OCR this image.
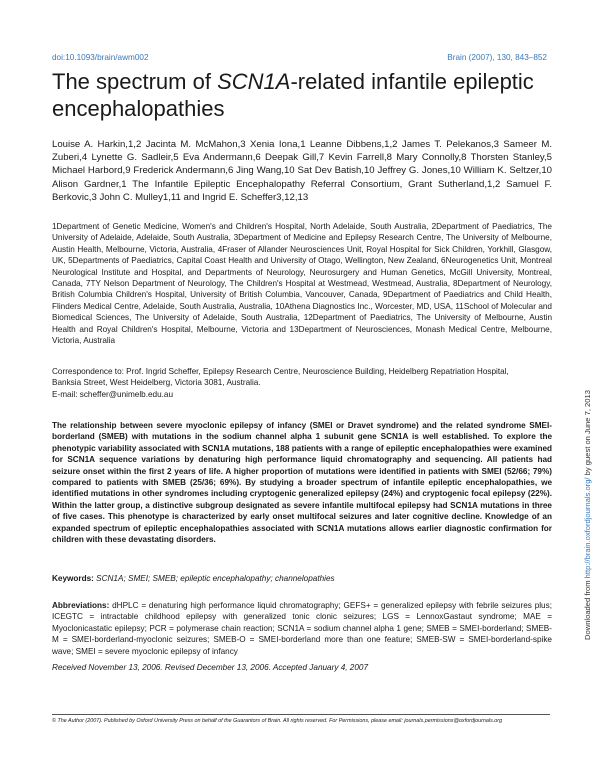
doi:10.1093/brain/awm002	Brain (2007), 130, 843–852
The spectrum of SCN1A-related infantile epileptic encephalopathies
Louise A. Harkin,1,2 Jacinta M. McMahon,3 Xenia Iona,1 Leanne Dibbens,1,2 James T. Pelekanos,3 Sameer M. Zuberi,4 Lynette G. Sadleir,5 Eva Andermann,6 Deepak Gill,7 Kevin Farrell,8 Mary Connolly,8 Thorsten Stanley,5 Michael Harbord,9 Frederick Andermann,6 Jing Wang,10 Sat Dev Batish,10 Jeffrey G. Jones,10 William K. Seltzer,10 Alison Gardner,1 The Infantile Epileptic Encephalopathy Referral Consortium, Grant Sutherland,1,2 Samuel F. Berkovic,3 John C. Mulley1,11 and Ingrid E. Scheffer3,12,13
1Department of Genetic Medicine, Women's and Children's Hospital, North Adelaide, South Australia, 2Department of Paediatrics, The University of Adelaide, Adelaide, South Australia, 3Department of Medicine and Epilepsy Research Centre, The University of Melbourne, Austin Health, Melbourne, Victoria, Australia, 4Fraser of Allander Neurosciences Unit, Royal Hospital for Sick Children, Yorkhill, Glasgow, UK, 5Departments of Paediatrics, Capital Coast Health and University of Otago, Wellington, New Zealand, 6Neurogenetics Unit, Montreal Neurological Institute and Hospital, and Departments of Neurology, Neurosurgery and Human Genetics, McGill University, Montreal, Canada, 7TY Nelson Department of Neurology, The Children's Hospital at Westmead, Westmead, Australia, 8Department of Neurology, British Columbia Children's Hospital, University of British Columbia, Vancouver, Canada, 9Department of Paediatrics and Child Health, Flinders Medical Centre, Adelaide, South Australia, Australia, 10Athena Diagnostics Inc., Worcester, MD, USA, 11School of Molecular and Biomedical Sciences, The University of Adelaide, South Australia, 12Department of Paediatrics, The University of Melbourne, Austin Health and Royal Children's Hospital, Melbourne, Victoria and 13Department of Neurosciences, Monash Medical Centre, Melbourne, Victoria, Australia
Correspondence to: Prof. Ingrid Scheffer, Epilepsy Research Centre, Neuroscience Building, Heidelberg Repatriation Hospital,
Banksia Street, West Heidelberg, Victoria 3081, Australia.
E-mail: scheffer@unimelb.edu.au
The relationship between severe myoclonic epilepsy of infancy (SMEI or Dravet syndrome) and the related syndrome SMEI-borderland (SMEB) with mutations in the sodium channel alpha 1 subunit gene SCN1A is well established. To explore the phenotypic variability associated with SCN1A mutations, 188 patients with a range of epileptic encephalopathies were examined for SCN1A sequence variations by denaturing high performance liquid chromatography and sequencing. All patients had seizure onset within the first 2 years of life. A higher proportion of mutations were identified in patients with SMEI (52/66; 79%) compared to patients with SMEB (25/36; 69%). By studying a broader spectrum of infantile epileptic encephalopathies, we identified mutations in other syndromes including cryptogenic generalized epilepsy (24%) and cryptogenic focal epilepsy (22%). Within the latter group, a distinctive subgroup designated as severe infantile multifocal epilepsy had SCN1A mutations in three of five cases. This phenotype is characterized by early onset multifocal seizures and later cognitive decline. Knowledge of an expanded spectrum of epileptic encephalopathies associated with SCN1A mutations allows earlier diagnostic confirmation for children with these devastating disorders.
Keywords: SCN1A; SMEI; SMEB; epileptic encephalopathy; channelopathies
Abbreviations: dHPLC = denaturing high performance liquid chromatography; GEFS+ = generalized epilepsy with febrile seizures plus; ICEGTC = intractable childhood epilepsy with generalized tonic clonic seizures; LGS = LennoxGastaut syndrome; MAE = Myoclonicastatic epilepsy; PCR = polymerase chain reaction; SCN1A = sodium channel alpha 1 gene; SMEB = SMEI-borderland; SMEB-M = SMEI-borderland-myoclonic seizures; SMEB-O = SMEI-borderland more than one feature; SMEB-SW = SMEI-borderland-spike wave; SMEI = severe myoclonic epilepsy of infancy
Received November 13, 2006. Revised December 13, 2006. Accepted January 4, 2007
© The Author (2007). Published by Oxford University Press on behalf of the Guarantors of Brain. All rights reserved. For Permissions, please email: journals.permissions@oxfordjournals.org
Downloaded from http://brain.oxfordjournals.org/ by guest on June 7, 2013
